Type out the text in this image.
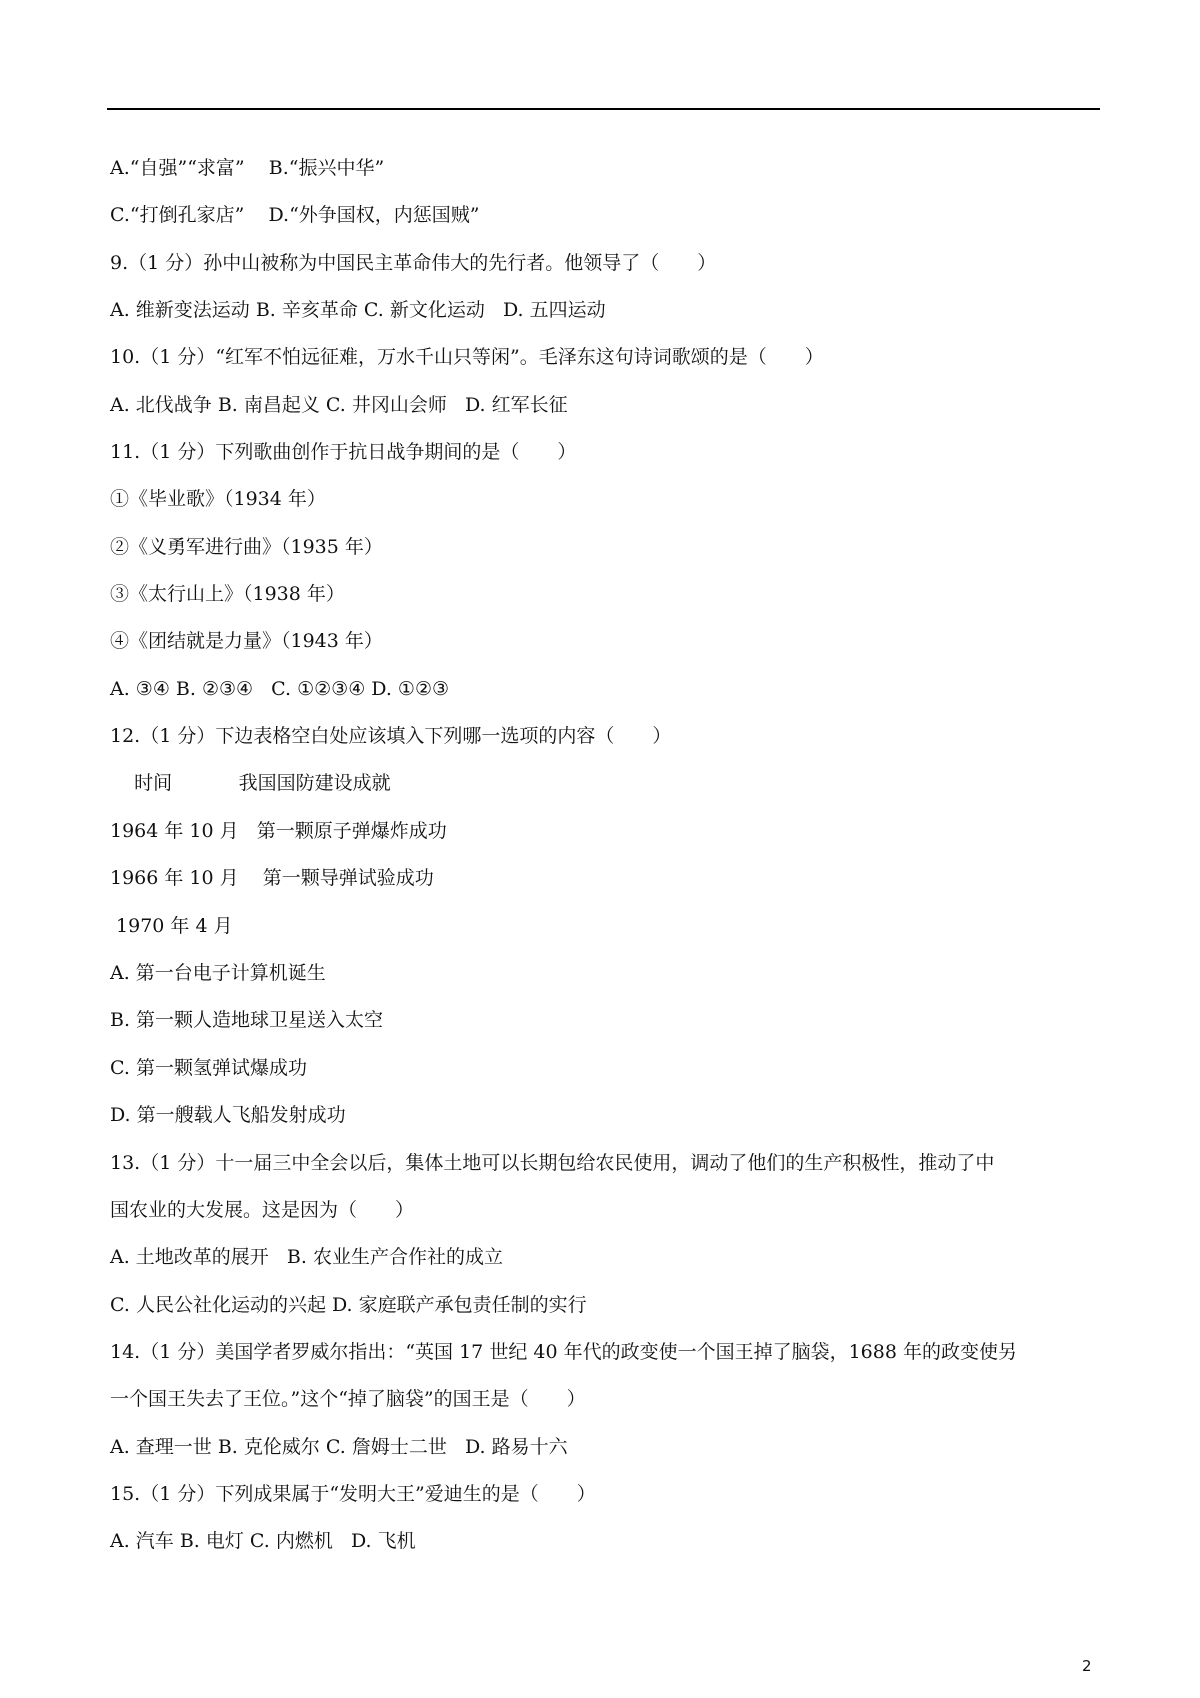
A.“自强”“求富”    B.“振兴中华”
C.“打倒孔家店”    D.“外争国权，内惩国贼”
9.（1 分）孙中山被称为中国民主革命伟大的先行者。他领导了（　　）
A. 维新变法运动 B. 辛亥革命 C. 新文化运动   D. 五四运动
10.（1 分）“红军不怕远征难，万水千山只等闲”。毛泽东这句诗词歌颂的是（　　）
A. 北伐战争 B. 南昌起义 C. 井冈山会师   D. 红军长征
11.（1 分）下列歌曲创作于抗日战争期间的是（　　）
①《毕业歌》（1934 年）
②《义勇军进行曲》（1935 年）
③《太行山上》（1938 年）
④《团结就是力量》（1943 年）
A. ③④ B. ②③④   C. ①②③④ D. ①②③
12.（1 分）下边表格空白处应该填入下列哪一选项的内容（　　）
时间           我国国防建设成就
1964 年 10 月   第一颗原子弹爆炸成功
1966 年 10 月    第一颗导弹试验成功
1970 年 4 月
A. 第一台电子计算机诞生
B. 第一颗人造地球卫星送入太空
C. 第一颗氢弹试爆成功
D. 第一艘载人飞船发射成功
13.（1 分）十一届三中全会以后，集体土地可以长期包给农民使用，调动了他们的生产积极性，推动了中
国农业的大发展。这是因为（　　）
A. 土地改革的展开   B. 农业生产合作社的成立
C. 人民公社化运动的兴起 D. 家庭联产承包责任制的实行
14.（1 分）美国学者罗威尔指出：“英国 17 世纪 40 年代的政变使一个国王掉了脑袋，1688 年的政变使另
一个国王失去了王位。”这个“掉了脑袋”的国王是（　　）
A. 查理一世 B. 克伦威尔 C. 詹姆士二世   D. 路易十六
15.（1 分）下列成果属于“发明大王”爱迪生的是（　　）
A. 汽车 B. 电灯 C. 内燃机   D. 飞机
2
